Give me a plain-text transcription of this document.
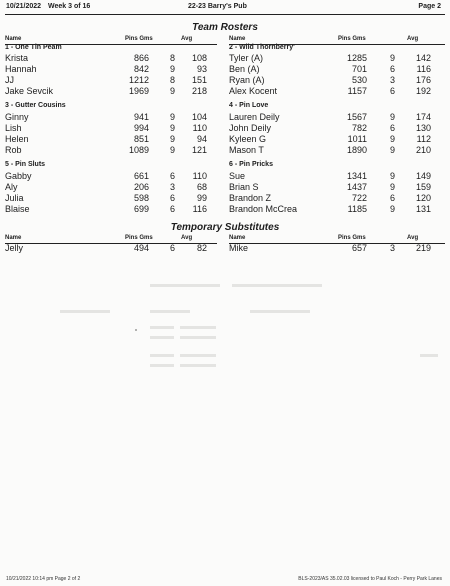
10/21/2022 Week 3 of 16	22-23 Barry's Pub	Page 2
Team Rosters
Name	Pins Gms	Avg	Name	Pins Gms	Avg
1 - One Tin Peam
Krista	866	8	108
Hannah	842	9	93
JJ	1212	8	151
Jake Sevcik	1969	9	218
3 - Gutter Cousins
Ginny	941	9	104
Lish	994	9	110
Helen	851	9	94
Rob	1089	9	121
5 - Pin Sluts
Gabby	661	6	110
Aly	206	3	68
Julia	598	6	99
Blaise	699	6	116
2 - Wild Thornberry'
Tyler (A)	1285	9	142
Ben (A)	701	6	116
Ryan (A)	530	3	176
Alex Kocent	1157	6	192
4 - Pin Love
Lauren Deily	1567	9	174
John Deily	782	6	130
Kyleen G	1011	9	112
Mason T	1890	9	210
6 - Pin Pricks
Sue	1341	9	149
Brian S	1437	9	159
Brandon Z	722	6	120
Brandon McCrea	1185	9	131
Temporary Substitutes
Name	Pins Gms	Avg	Name	Pins Gms	Avg
Jelly	494	6	82 Mike	657	3	219
10/21/2022 10:14 pm Page 2 of 2	BLS-2023/AS 35.02.03 licensed to Paul Koch - Perry Park Lanes
